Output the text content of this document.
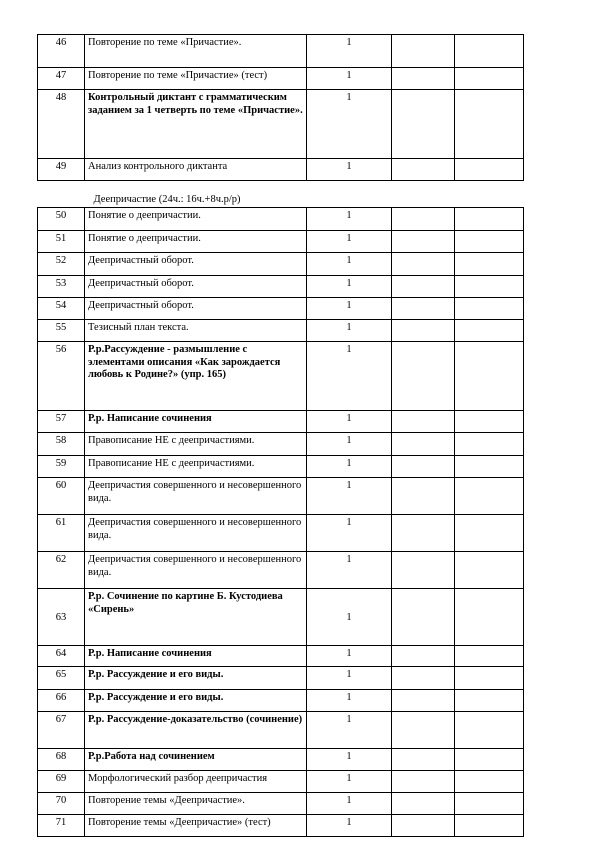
46	Повторение по теме «Причастие».	1		
47	Повторение по теме «Причастие» (тест)	1		
48	Контрольный диктант с грамматическим заданием за 1 четверть по теме «Причастие».	1		
49	Анализ контрольного диктанта	1		
Деепричастие (24ч.: 16ч.+8ч.р/р)				
50	Понятие о деепричастии.	1		
51	Понятие о деепричастии.	1		
52	Деепричастный оборот.	1		
53	Деепричастный оборот.	1		
54	Деепричастный оборот.	1		
55	Тезисный план текста.	1		
56	Р.р.Рассуждение - размышление с элементами описания «Как зарождается любовь к Родине?» (упр. 165)	1		
57	Р.р. Написание сочинения	1		
58	Правописание НЕ с деепричастиями.	1		
59	Правописание НЕ с деепричастиями.	1		
60	Деепричастия совершенного и несовершенного вида.	1		
61	Деепричастия совершенного и несовершенного вида.	1		
62	Деепричастия совершенного и несовершенного вида.	1		
63	Р.р. Сочинение по картине Б. Кустодиева «Сирень»	1		
64	Р.р. Написание сочинения	1		
65	Р.р. Рассуждение и его виды.	1		
66	Р.р. Рассуждение и его виды.	1		
67	Р.р. Рассуждение-доказательство (сочинение)	1		
68	Р.р.Работа над сочинением	1		
69	Морфологический разбор деепричастия	1		
70	Повторение темы «Деепричастие».	1		
71	Повторение темы «Деепричастие» (тест)	1		
